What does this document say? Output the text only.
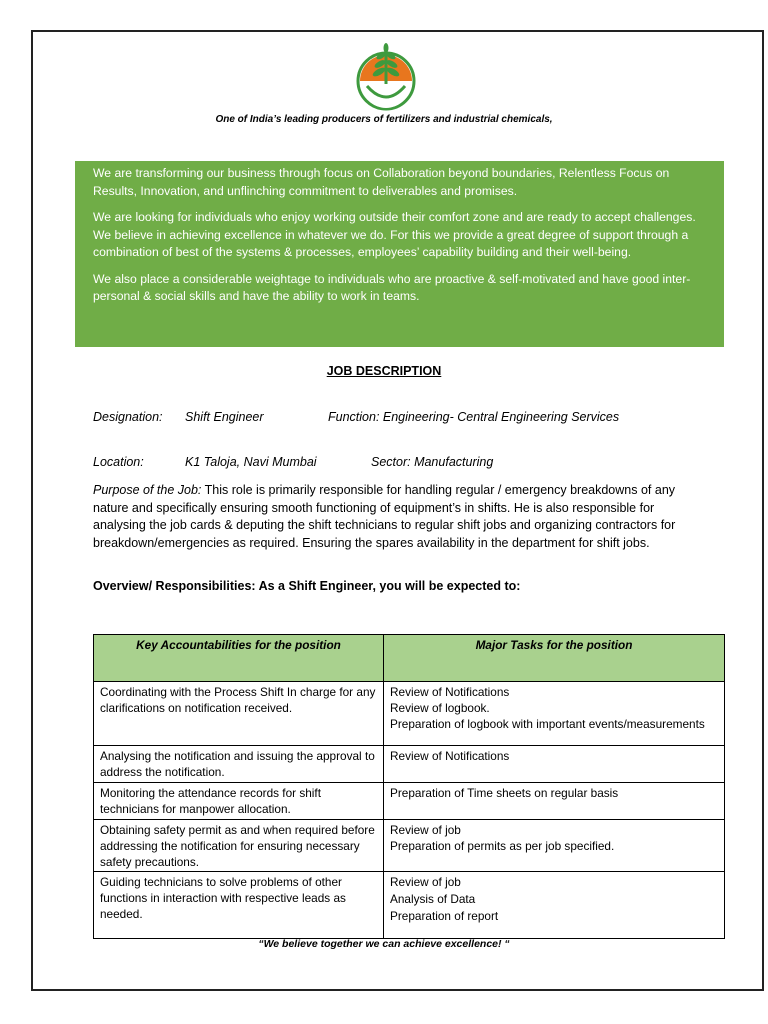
One of India’s leading producers of fertilizers and industrial chemicals,

We are transforming our business through focus on Collaboration beyond boundaries, Relentless Focus on Results, Innovation, and unflinching commitment to deliverables and promises.

We are looking for individuals who enjoy working outside their comfort zone and are ready to accept challenges. We believe in achieving excellence in whatever we do. For this we provide a great degree of support through a combination of best of the systems & processes, employees’ capability building and their well-being.

We also place a considerable weightage to individuals who are proactive & self-motivated and have good inter-personal & social skills and have the ability to work in teams.

JOB DESCRIPTION
Designation: Shift Engineer	Function: Engineering- Central Engineering Services
Location:	K1 Taloja, Navi Mumbai	Sector: Manufacturing
Purpose of the Job: This role is primarily responsible for handling regular / emergency breakdowns of any nature and specifically ensuring smooth functioning of equipment’s in shifts. He is also responsible for analysing the job cards & deputing the shift technicians to regular shift jobs and organizing contractors for breakdown/emergencies as required. Ensuring the spares availability in the department for shift jobs.
Overview/ Responsibilities: As a Shift Engineer, you will be expected to:
Key Accountabilities for the position	Major Tasks for the position
Coordinating with the Process Shift In charge for any clarifications on notification received.	Review of Notifications
Review of logbook.
Preparation of logbook with important events/measurements

Analysing the notification and issuing the approval to address the notification.	Review of Notifications

Monitoring the attendance records for shift technicians for manpower allocation.	Preparation of Time sheets on regular basis

Obtaining safety permit as and when required before addressing the notification for ensuring necessary safety precautions.	Review of job
Preparation of permits as per job specified.

Guiding technicians to solve problems of other functions in interaction with respective leads as needed.	Review of job
Analysis of Data
Preparation of report
“We believe together we can achieve excellence! “
